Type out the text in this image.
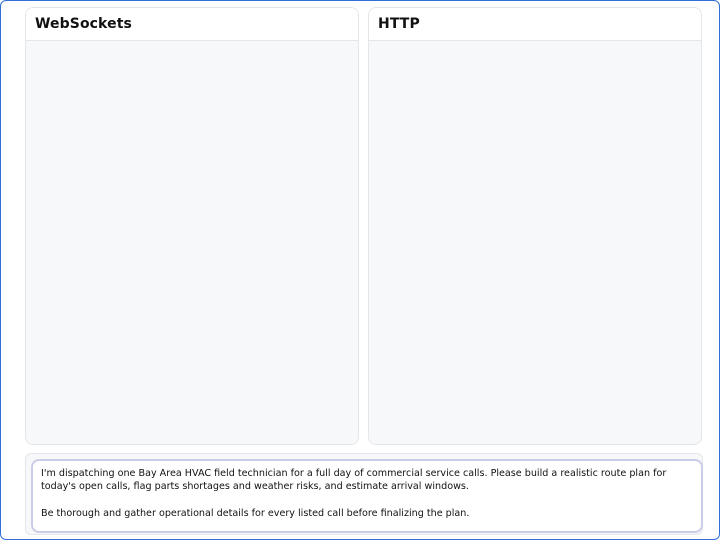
WebSockets	HTTP

I'm dispatching one Bay Area HVAC field technician for a full day of commercial service calls. Please build a realistic route plan for today's open calls, flag parts shortages and weather risks, and estimate arrival windows.

Be thorough and gather operational details for every listed call before finalizing the plan.
